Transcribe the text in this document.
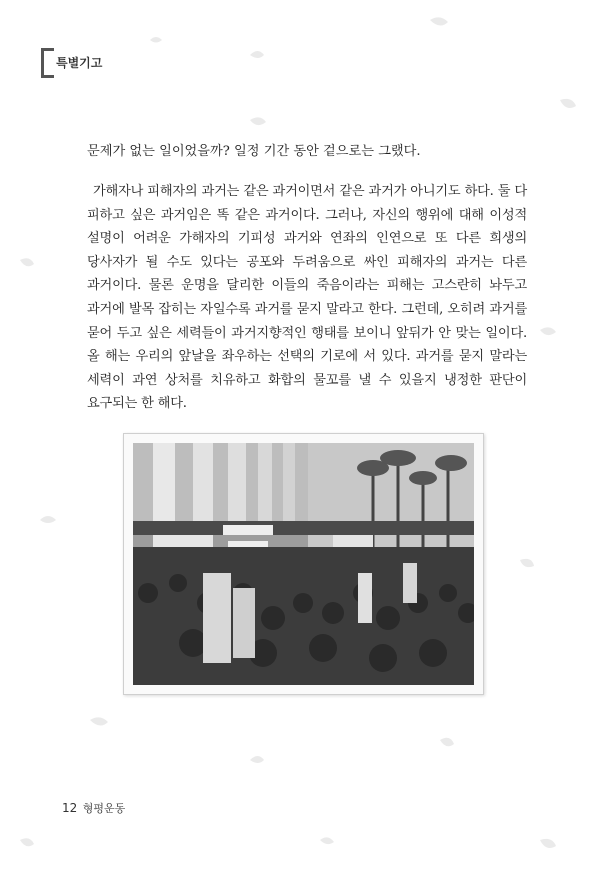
특별기고

문제가 없는 일이었을까? 일정 기간 동안 겉으로는 그랬다.

가해자나 피해자의 과거는 같은 과거이면서 같은 과거가 아니기도 하다. 둘 다 피하고 싶은 과거임은 똑 같은 과거이다. 그러나, 자신의 행위에 대해 이성적 설명이 어려운 가해자의 기피성 과거와 연좌의 인연으로 또 다른 희생의 당사자가 될 수도 있다는 공포와 두려움으로 싸인 피해자의 과거는 다른 과거이다. 물론 운명을 달리한 이들의 죽음이라는 피해는 고스란히 놔두고 과거에 발목 잡히는 자일수록 과거를 묻지 말라고 한다. 그런데, 오히려 과거를 묻어 두고 싶은 세력들이 과거지향적인 행태를 보이니 앞뒤가 안 맞는 일이다. 올 해는 우리의 앞날을 좌우하는 선택의 기로에 서 있다. 과거를 묻지 말라는 세력이 과연 상처를 치유하고 화합의 물꼬를 낼 수 있을지 냉정한 판단이 요구되는 한 해다.

12 형평운동
